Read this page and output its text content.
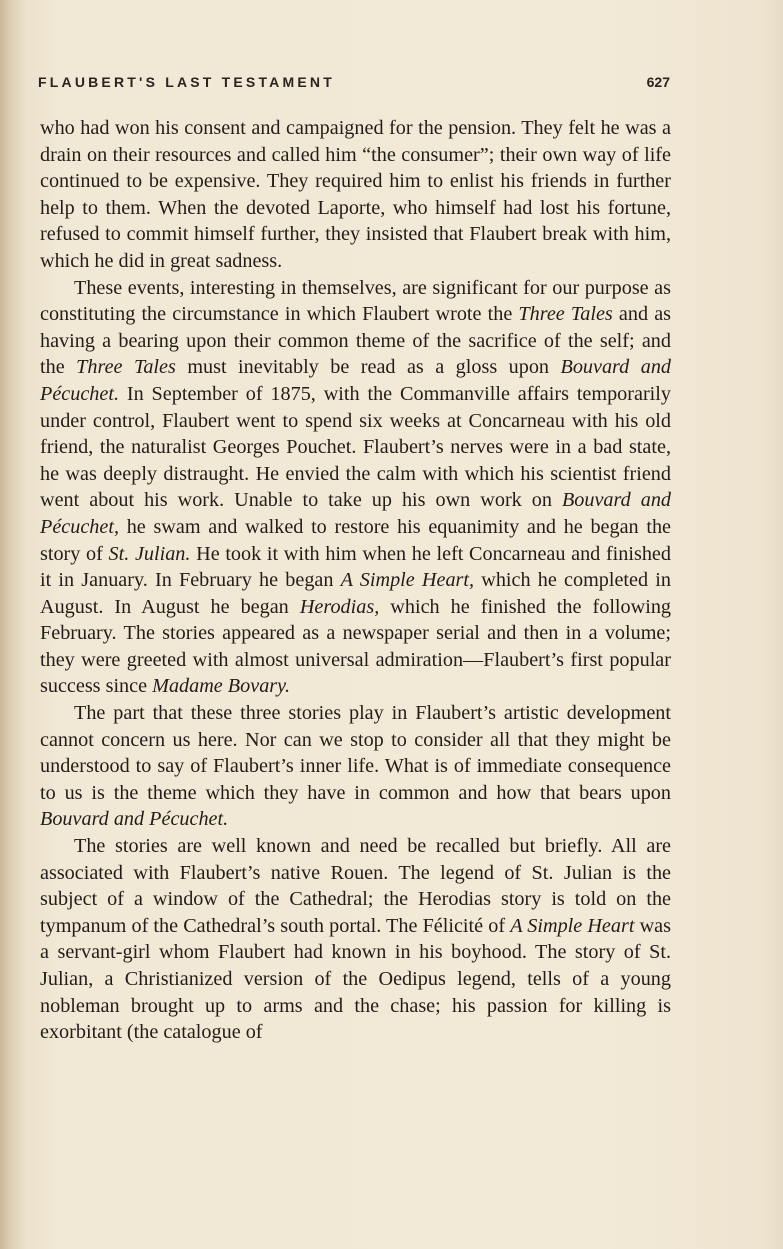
FLAUBERT'S LAST TESTAMENT	627

who had won his consent and campaigned for the pension. They felt he was a drain on their resources and called him “the consumer”; their own way of life continued to be expensive. They required him to enlist his friends in further help to them. When the devoted Laporte, who himself had lost his fortune, refused to commit himself further, they insisted that Flaubert break with him, which he did in great sadness.

These events, interesting in themselves, are significant for our purpose as constituting the circumstance in which Flaubert wrote the Three Tales and as having a bearing upon their common theme of the sacrifice of the self; and the Three Tales must inevitably be read as a gloss upon Bouvard and Pécuchet. In September of 1875, with the Commanville affairs temporarily under control, Flaubert went to spend six weeks at Concarneau with his old friend, the naturalist Georges Pouchet. Flaubert’s nerves were in a bad state, he was deeply distraught. He envied the calm with which his scientist friend went about his work. Unable to take up his own work on Bouvard and Pécuchet, he swam and walked to restore his equanimity and he began the story of St. Julian. He took it with him when he left Concarneau and finished it in January. In February he began A Simple Heart, which he completed in August. In August he began Herodias, which he finished the following February. The stories appeared as a newspaper serial and then in a volume; they were greeted with almost universal admiration—Flaubert’s first popular success since Madame Bovary.

The part that these three stories play in Flaubert’s artistic development cannot concern us here. Nor can we stop to consider all that they might be understood to say of Flaubert’s inner life. What is of immediate consequence to us is the theme which they have in common and how that bears upon Bouvard and Pécuchet.

The stories are well known and need be recalled but briefly. All are associated with Flaubert’s native Rouen. The legend of St. Julian is the subject of a window of the Cathedral; the Herodias story is told on the tympanum of the Cathedral’s south portal. The Félicité of A Simple Heart was a servant-girl whom Flaubert had known in his boyhood. The story of St. Julian, a Christianized version of the Oedipus legend, tells of a young nobleman brought up to arms and the chase; his passion for killing is exorbitant (the catalogue of
